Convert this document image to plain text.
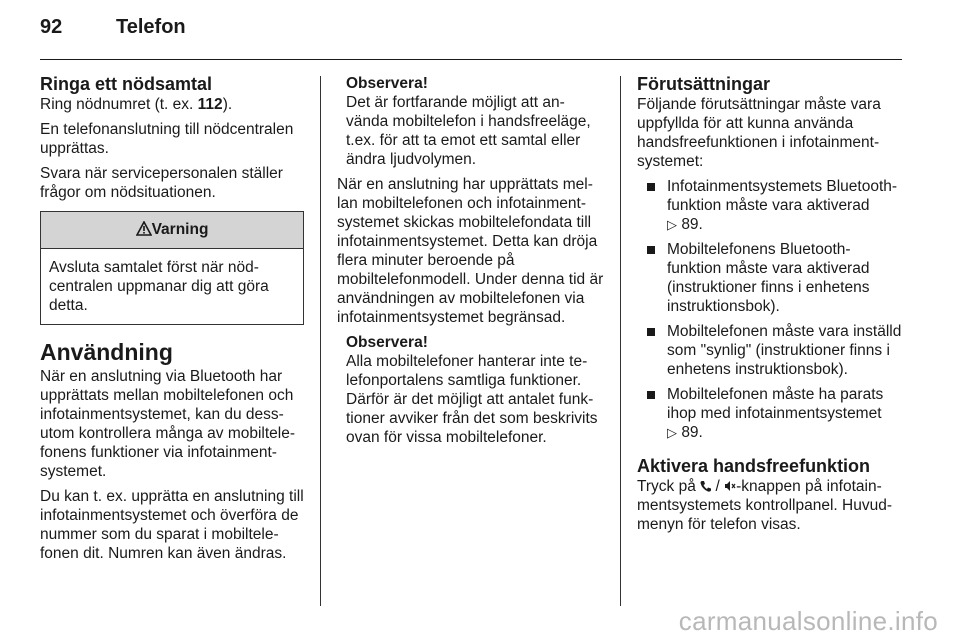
92	Telefon
Ringa ett nödsamtal

Ring nödnumret (t. ex. 112).

En telefonanslutning till nödcentralen upprättas.

Svara när servicepersonalen ställer frågor om nödsituationen.

Varning
Avsluta samtalet först när nöd-centralen uppmanar dig att göra detta.
Användning

När en anslutning via Bluetooth har upprättats mellan mobiltelefonen och infotainmentsystemet, kan du dess-utom kontrollera många av mobiltele-fonens funktioner via infotainment-systemet.

Du kan t. ex. upprätta en anslutning till infotainmentsystemet och överföra de nummer som du sparat i mobiltele-fonen dit. Numren kan även ändras.

Observera!
Det är fortfarande möjligt att an-vända mobiltelefon i handsfreeläge, t.ex. för att ta emot ett samtal eller ändra ljudvolymen.

När en anslutning har upprättats mel-lan mobiltelefonen och infotainment-systemet skickas mobiltelefondata till infotainmentsystemet. Detta kan dröja flera minuter beroende på mobiltelefonmodell. Under denna tid är användningen av mobiltelefonen via infotainmentsystemet begränsad.

Observera!
Alla mobiltelefoner hanterar inte te-lefonportalens samtliga funktioner. Därför är det möjligt att antalet funk-tioner avviker från det som beskrivits ovan för vissa mobiltelefoner.
Förutsättningar

Följande förutsättningar måste vara uppfyllda för att kunna använda handsfreefunktionen i infotainment-systemet:

Infotainmentsystemets Bluetooth-funktion måste vara aktiverad
▷ 89.
Mobiltelefonens Bluetooth-funktion måste vara aktiverad (instruktioner finns i enhetens instruktionsbok).
Mobiltelefonen måste vara inställd som "synlig" (instruktioner finns i enhetens instruktionsbok).
Mobiltelefonen måste ha parats ihop med infotainmentsystemet
▷ 89.
Aktivera handsfreefunktion

Tryck på / -knappen på infotain-mentsystemets kontrollpanel. Huvud-menyn för telefon visas.

carmanualsonline.info
